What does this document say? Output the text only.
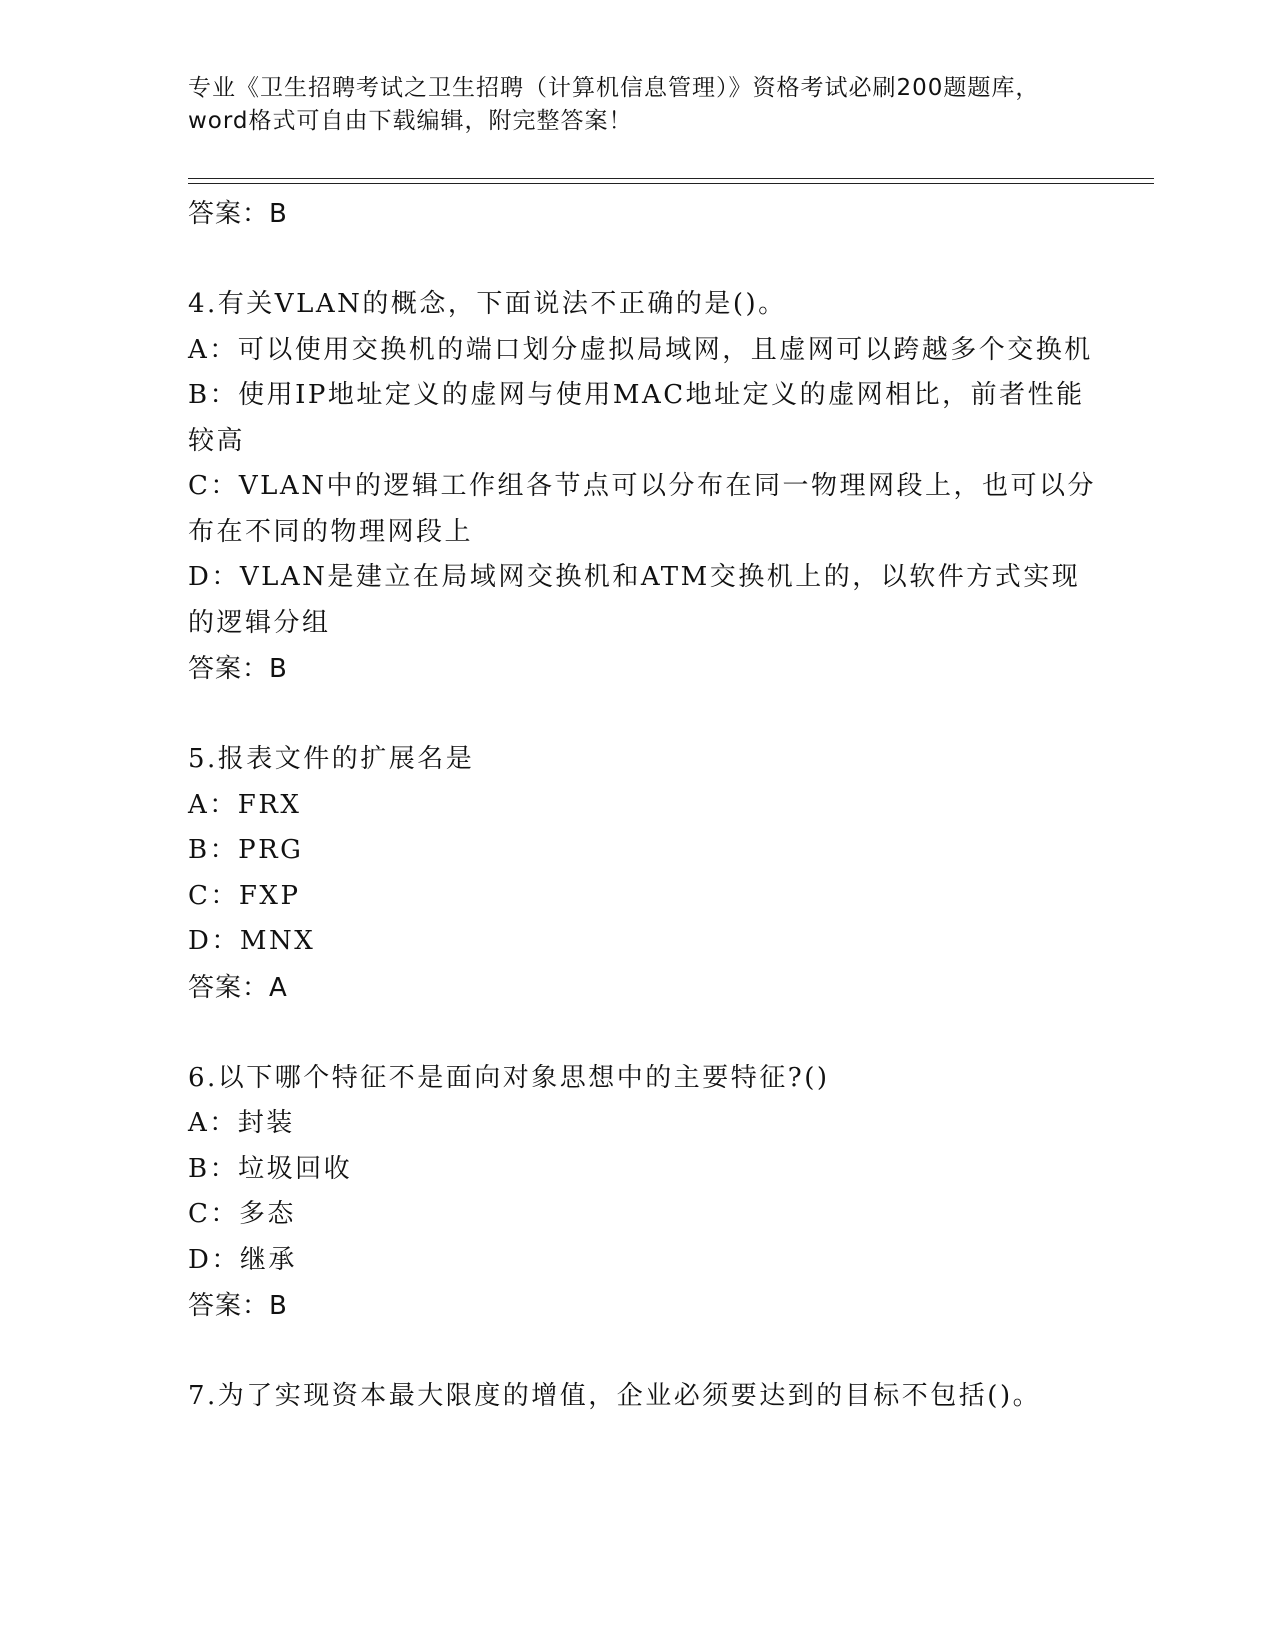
专业《卫生招聘考试之卫生招聘（计算机信息管理）》资格考试必刷200题题库，
word格式可自由下载编辑，附完整答案！
答案：B

4.有关VLAN的概念，下面说法不正确的是()。

A：可以使用交换机的端口划分虚拟局域网，且虚网可以跨越多个交换机

B：使用IP地址定义的虚网与使用MAC地址定义的虚网相比，前者性能较高

C：VLAN中的逻辑工作组各节点可以分布在同一物理网段上，也可以分布在不同的物理网段上

D：VLAN是建立在局域网交换机和ATM交换机上的，以软件方式实现的逻辑分组

答案：B

5.报表文件的扩展名是

A：FRX

B：PRG

C：FXP

D：MNX

答案：A

6.以下哪个特征不是面向对象思想中的主要特征?()

A：封装

B：垃圾回收

C：多态

D：继承

答案：B

7.为了实现资本最大限度的增值，企业必须要达到的目标不包括()。
